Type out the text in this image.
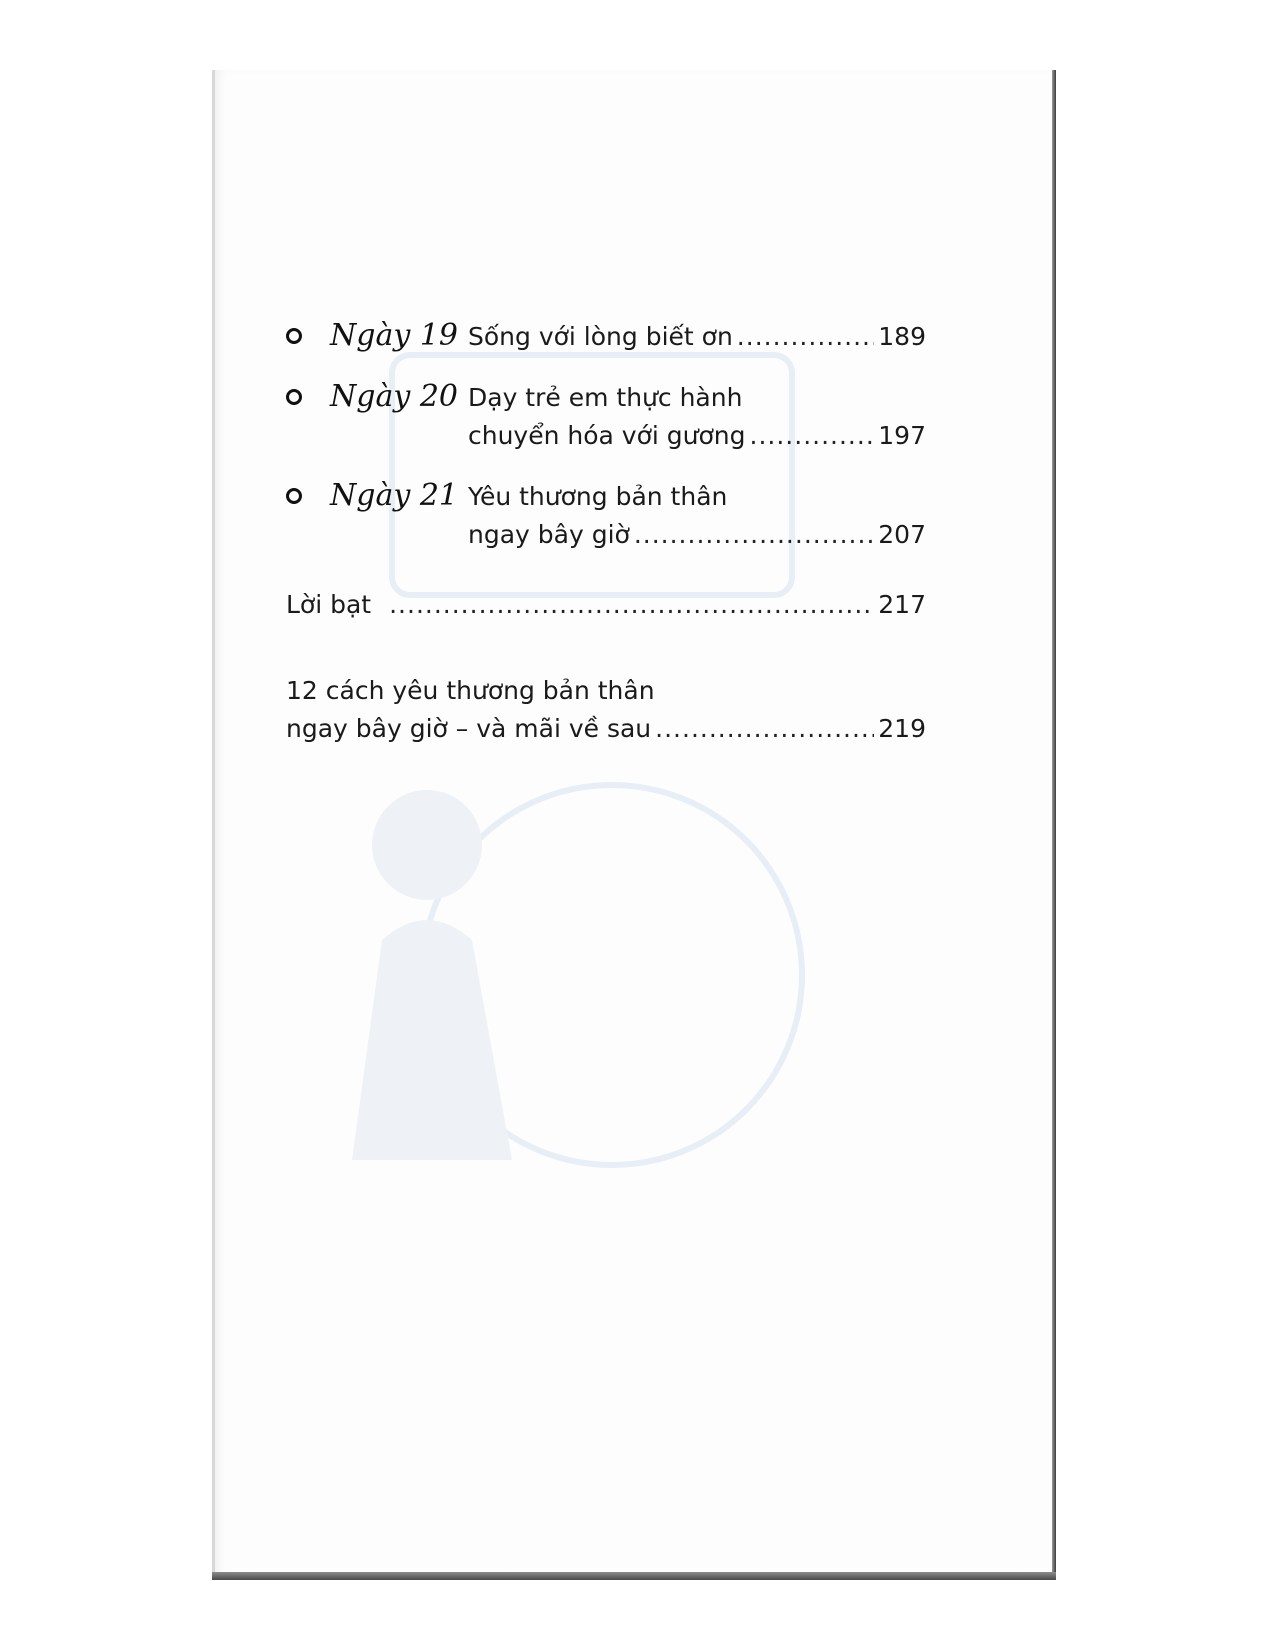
Ngày 19 Sống với lòng biết ơn .....	189
Ngày 20 Dạy trẻ em thực hành
chuyển hóa với gương .....	197
Ngày 21 Yêu thương bản thân
ngay bây giờ .....	207
Lời bạt .....	217
12 cách yêu thương bản thân
ngay bây giờ – và mãi về sau .....	219
